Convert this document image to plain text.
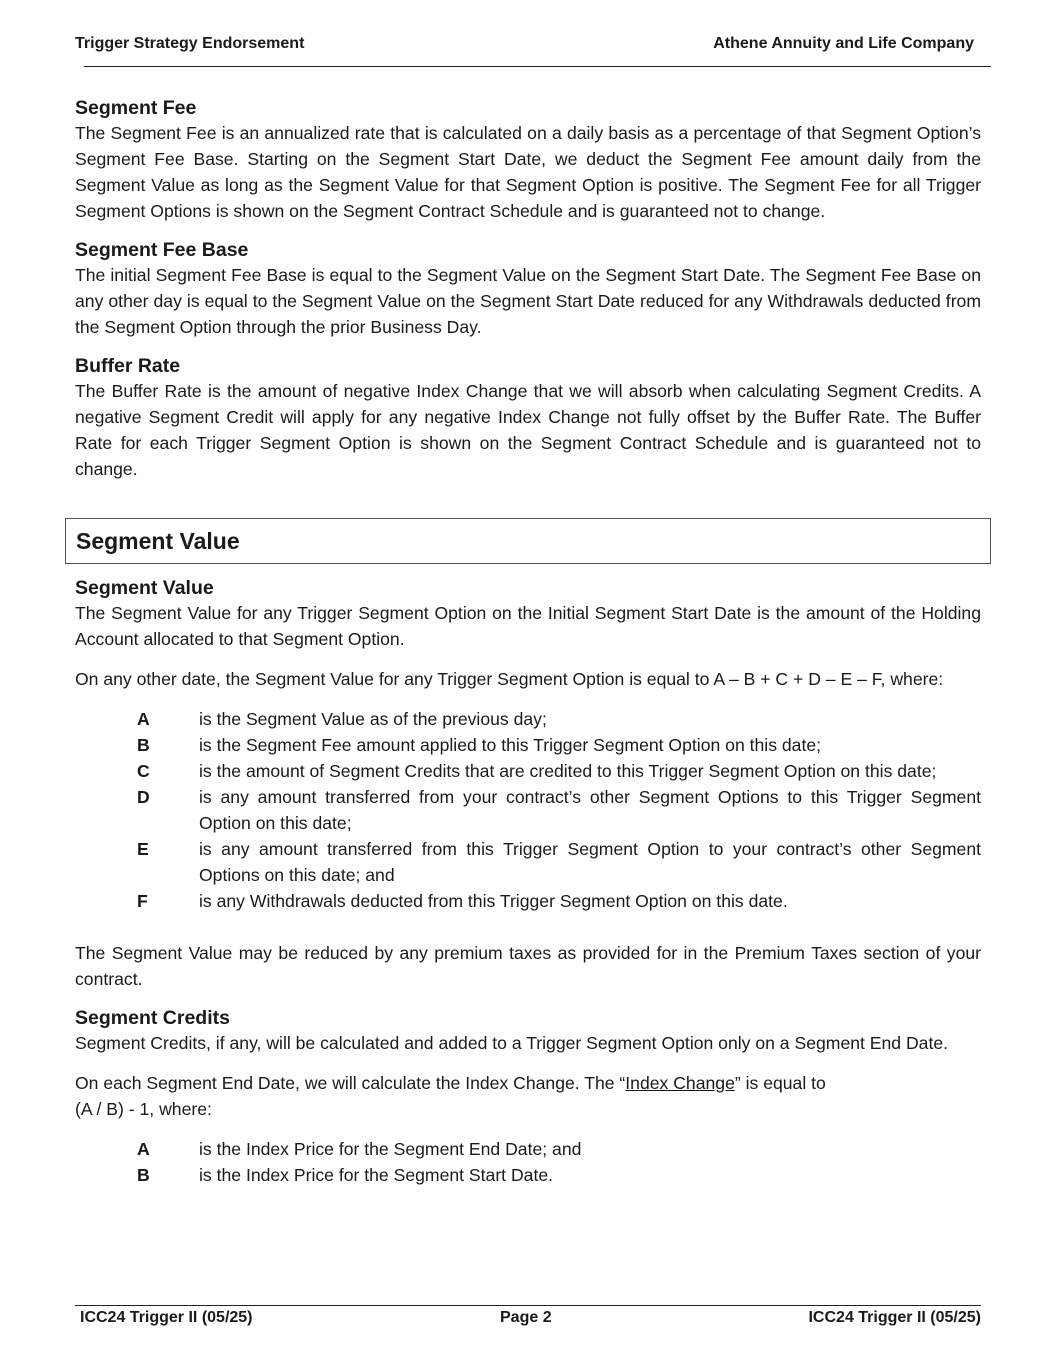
Trigger Strategy Endorsement	Athene Annuity and Life Company
Segment Fee

The Segment Fee is an annualized rate that is calculated on a daily basis as a percentage of that Segment Option’s Segment Fee Base. Starting on the Segment Start Date, we deduct the Segment Fee amount daily from the Segment Value as long as the Segment Value for that Segment Option is positive. The Segment Fee for all Trigger Segment Options is shown on the Segment Contract Schedule and is guaranteed not to change.

Segment Fee Base

The initial Segment Fee Base is equal to the Segment Value on the Segment Start Date. The Segment Fee Base on any other day is equal to the Segment Value on the Segment Start Date reduced for any Withdrawals deducted from the Segment Option through the prior Business Day.

Buffer Rate

The Buffer Rate is the amount of negative Index Change that we will absorb when calculating Segment Credits. A negative Segment Credit will apply for any negative Index Change not fully offset by the Buffer Rate. The Buffer Rate for each Trigger Segment Option is shown on the Segment Contract Schedule and is guaranteed not to change.

Segment Value
Segment Value

The Segment Value for any Trigger Segment Option on the Initial Segment Start Date is the amount of the Holding Account allocated to that Segment Option.

On any other date, the Segment Value for any Trigger Segment Option is equal to A – B + C + D – E – F, where:

A	is the Segment Value as of the previous day;
B	is the Segment Fee amount applied to this Trigger Segment Option on this date;
C	is the amount of Segment Credits that are credited to this Trigger Segment Option on this date;
D	is any amount transferred from your contract’s other Segment Options to this Trigger Segment Option on this date;
E	is any amount transferred from this Trigger Segment Option to your contract’s other Segment Options on this date; and
F	is any Withdrawals deducted from this Trigger Segment Option on this date.

The Segment Value may be reduced by any premium taxes as provided for in the Premium Taxes section of your contract.

Segment Credits

Segment Credits, if any, will be calculated and added to a Trigger Segment Option only on a Segment End Date.

On each Segment End Date, we will calculate the Index Change. The “Index Change” is equal to
(A / B) - 1, where:

A	is the Index Price for the Segment End Date; and
B	is the Index Price for the Segment Start Date.
ICC24 Trigger II (05/25)	Page 2	ICC24 Trigger II (05/25)
